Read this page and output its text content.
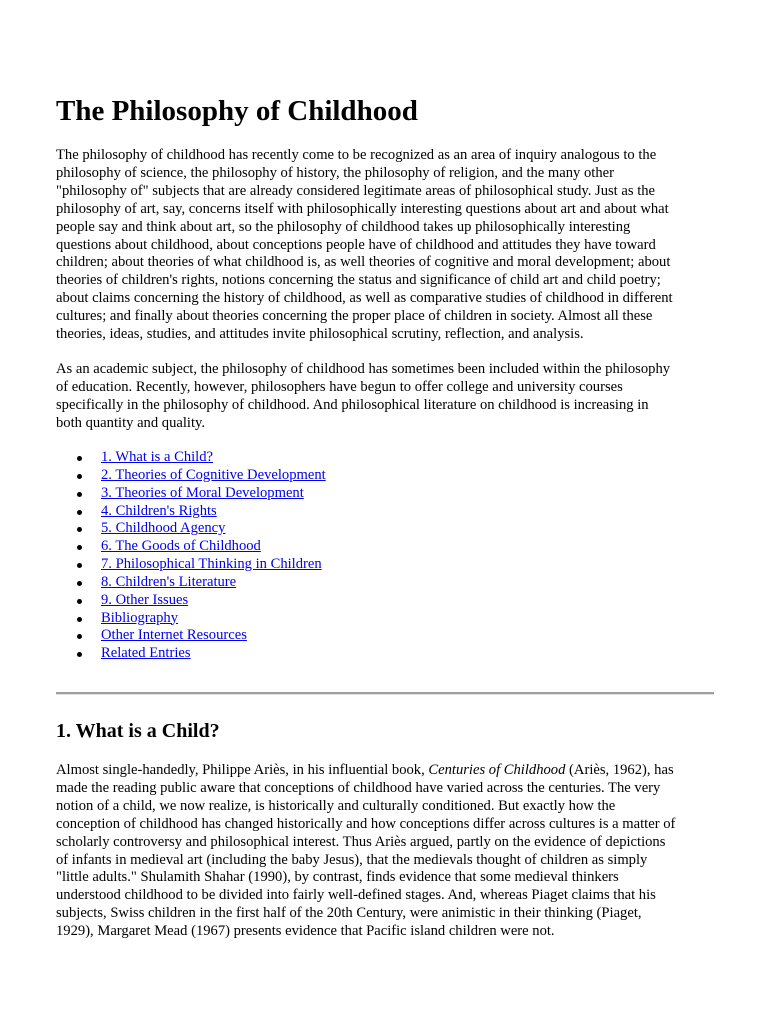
The Philosophy of Childhood

The philosophy of childhood has recently come to be recognized as an area of inquiry analogous to the
philosophy of science, the philosophy of history, the philosophy of religion, and the many other
"philosophy of" subjects that are already considered legitimate areas of philosophical study. Just as the
philosophy of art, say, concerns itself with philosophically interesting questions about art and about what
people say and think about art, so the philosophy of childhood takes up philosophically interesting
questions about childhood, about conceptions people have of childhood and attitudes they have toward
children; about theories of what childhood is, as well theories of cognitive and moral development; about
theories of children's rights, notions concerning the status and significance of child art and child poetry;
about claims concerning the history of childhood, as well as comparative studies of childhood in different
cultures; and finally about theories concerning the proper place of children in society. Almost all these
theories, ideas, studies, and attitudes invite philosophical scrutiny, reflection, and analysis.

As an academic subject, the philosophy of childhood has sometimes been included within the philosophy
of education. Recently, however, philosophers have begun to offer college and university courses
specifically in the philosophy of childhood. And philosophical literature on childhood is increasing in
both quantity and quality.

1. What is a Child?
2. Theories of Cognitive Development
3. Theories of Moral Development
4. Children's Rights
5. Childhood Agency
6. The Goods of Childhood
7. Philosophical Thinking in Children
8. Children's Literature
9. Other Issues
Bibliography
Other Internet Resources
Related Entries
1. What is a Child?

Almost single-handedly, Philippe Ariès, in his influential book, Centuries of Childhood (Ariès, 1962), has
made the reading public aware that conceptions of childhood have varied across the centuries. The very
notion of a child, we now realize, is historically and culturally conditioned. But exactly how the
conception of childhood has changed historically and how conceptions differ across cultures is a matter of
scholarly controversy and philosophical interest. Thus Ariès argued, partly on the evidence of depictions
of infants in medieval art (including the baby Jesus), that the medievals thought of children as simply
"little adults." Shulamith Shahar (1990), by contrast, finds evidence that some medieval thinkers
understood childhood to be divided into fairly well-defined stages. And, whereas Piaget claims that his
subjects, Swiss children in the first half of the 20th Century, were animistic in their thinking (Piaget,
1929), Margaret Mead (1967) presents evidence that Pacific island children were not.
